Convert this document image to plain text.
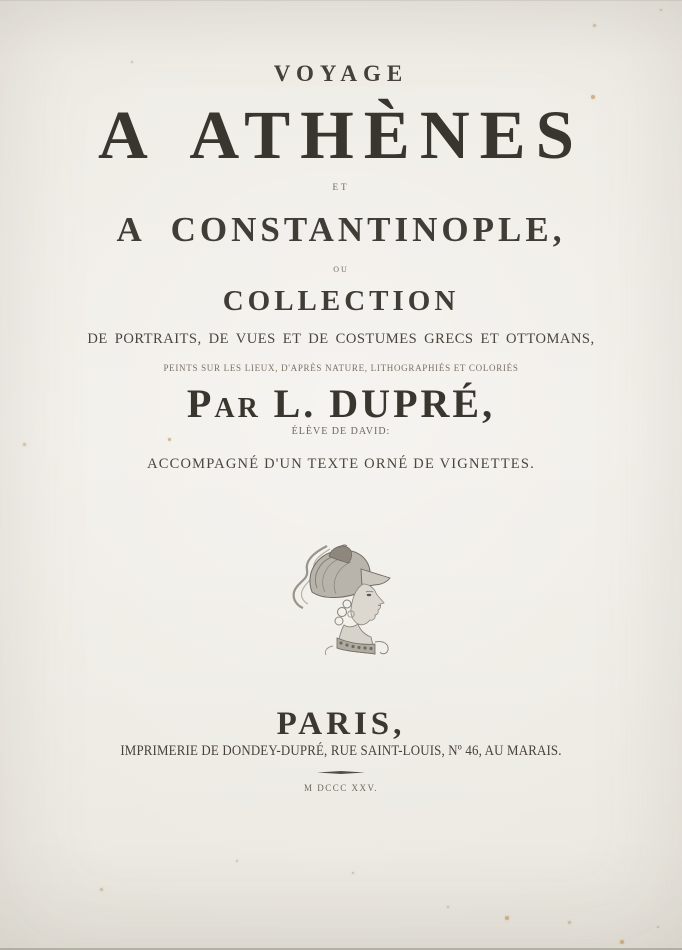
VOYAGE
A ATHÈNES
ET
A CONSTANTINOPLE,
OU
COLLECTION
DE PORTRAITS, DE VUES ET DE COSTUMES GRECS ET OTTOMANS,
PEINTS SUR LES LIEUX, D'APRÈS NATURE, LITHOGRAPHIÉS ET COLORIÉS
PAR L. DUPRÉ,
ÉLÈVE DE DAVID:
ACCOMPAGNÉ D'UN TEXTE ORNÉ DE VIGNETTES.
PARIS,
IMPRIMERIE DE DONDEY-DUPRÉ, RUE SAINT-LOUIS, Nº 46, AU MARAIS.
M DCCC XXV.
